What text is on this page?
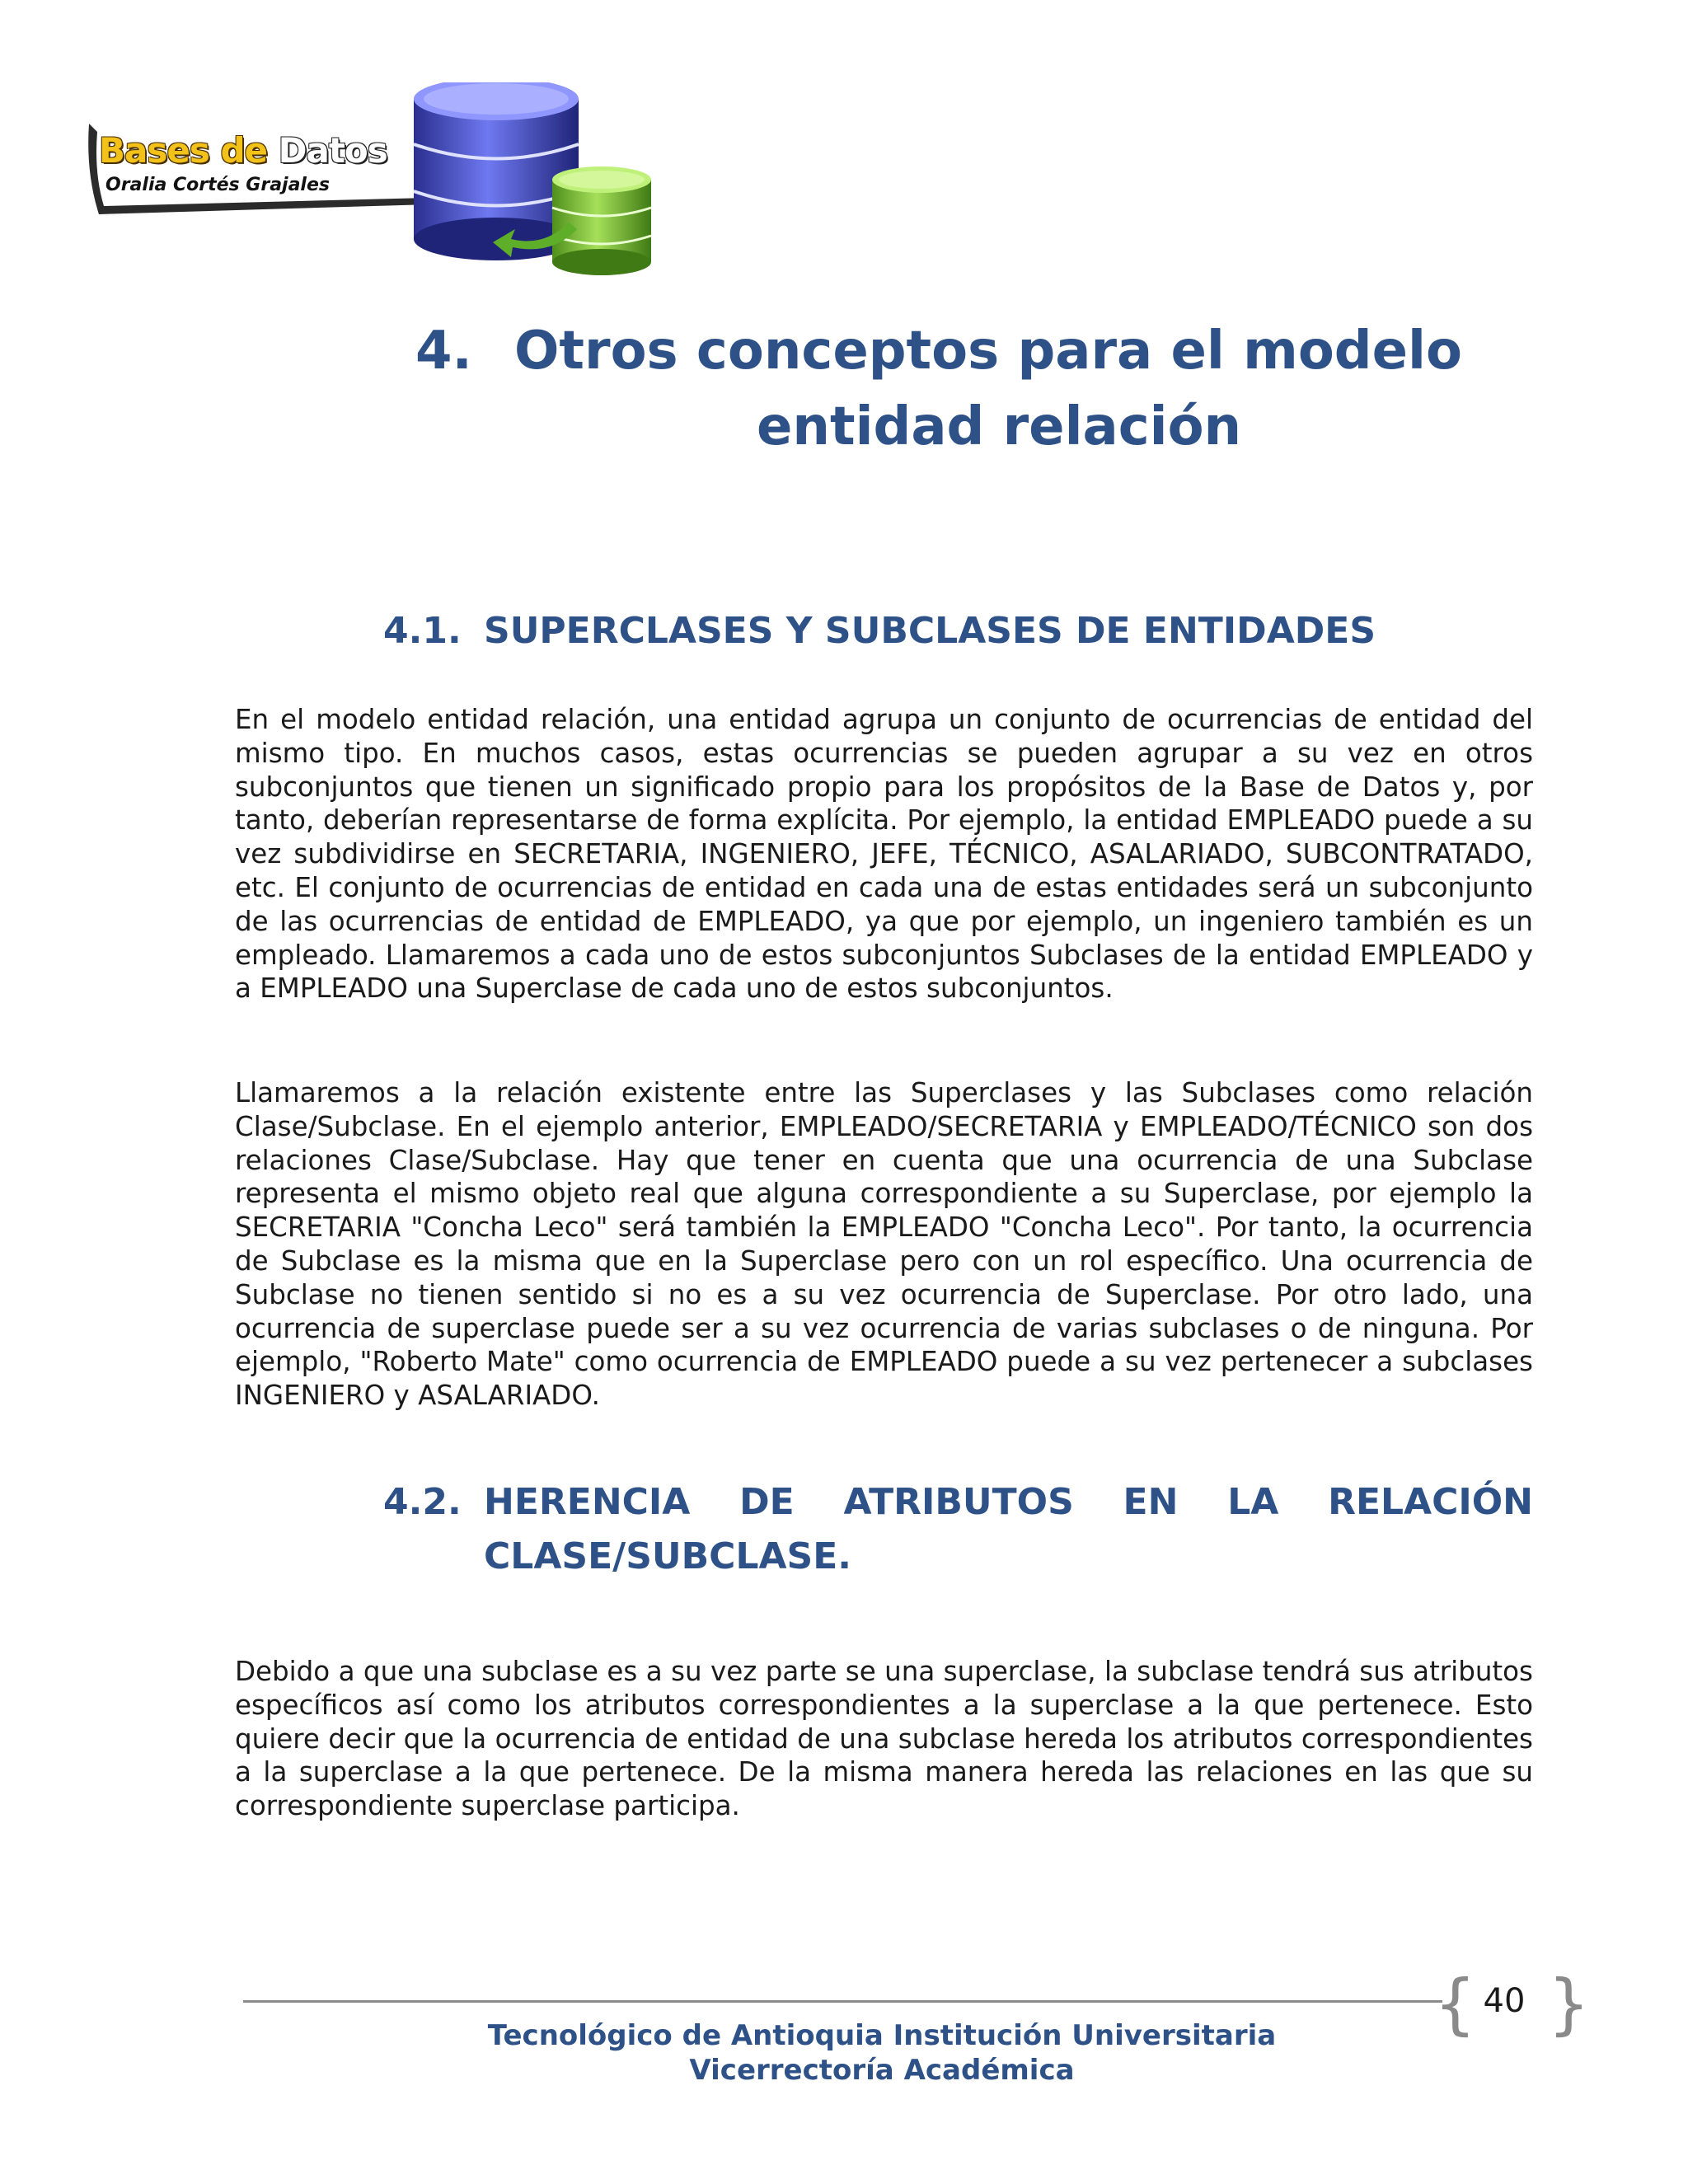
Bases de Datos
Oralia Cortés Grajales
4. Otros conceptos para el modelo
entidad relación
4.1. SUPERCLASES Y SUBCLASES DE ENTIDADES

En el modelo entidad relación, una entidad agrupa un conjunto de ocurrencias de entidad del mismo tipo. En muchos casos, estas ocurrencias se pueden agrupar a su vez en otros subconjuntos que tienen un significado propio para los propósitos de la Base de Datos y, por tanto, deberían representarse de forma explícita. Por ejemplo, la entidad EMPLEADO puede a su vez subdividirse en SECRETARIA, INGENIERO, JEFE, TÉCNICO, ASALARIADO, SUBCONTRATADO, etc. El conjunto de ocurrencias de entidad en cada una de estas entidades será un subconjunto de las ocurrencias de entidad de EMPLEADO, ya que por ejemplo, un ingeniero también es un empleado. Llamaremos a cada uno de estos subconjuntos Subclases de la entidad EMPLEADO y a EMPLEADO una Superclase de cada uno de estos subconjuntos.

Llamaremos a la relación existente entre las Superclases y las Subclases como relación Clase/Subclase. En el ejemplo anterior, EMPLEADO/SECRETARIA y EMPLEADO/TÉCNICO son dos relaciones Clase/Subclase. Hay que tener en cuenta que una ocurrencia de una Subclase representa el mismo objeto real que alguna correspondiente a su Superclase, por ejemplo la SECRETARIA "Concha Leco" será también la EMPLEADO "Concha Leco". Por tanto, la ocurrencia de Subclase es la misma que en la Superclase pero con un rol específico. Una ocurrencia de Subclase no tienen sentido si no es a su vez ocurrencia de Superclase. Por otro lado, una ocurrencia de superclase puede ser a su vez ocurrencia de varias subclases o de ninguna. Por ejemplo, "Roberto Mate" como ocurrencia de EMPLEADO puede a su vez pertenecer a subclases INGENIERO y ASALARIADO.

4.2. HERENCIA DE ATRIBUTOS EN LA RELACIÓN CLASE/SUBCLASE.

Debido a que una subclase es a su vez parte se una superclase, la subclase tendrá sus atributos específicos así como los atributos correspondientes a la superclase a la que pertenece. Esto quiere decir que la ocurrencia de entidad de una subclase hereda los atributos correspondientes a la superclase a la que pertenece. De la misma manera hereda las relaciones en las que su correspondiente superclase participa.

{ 40 }
Tecnológico de Antioquia Institución Universitaria
Vicerrectoría Académica
